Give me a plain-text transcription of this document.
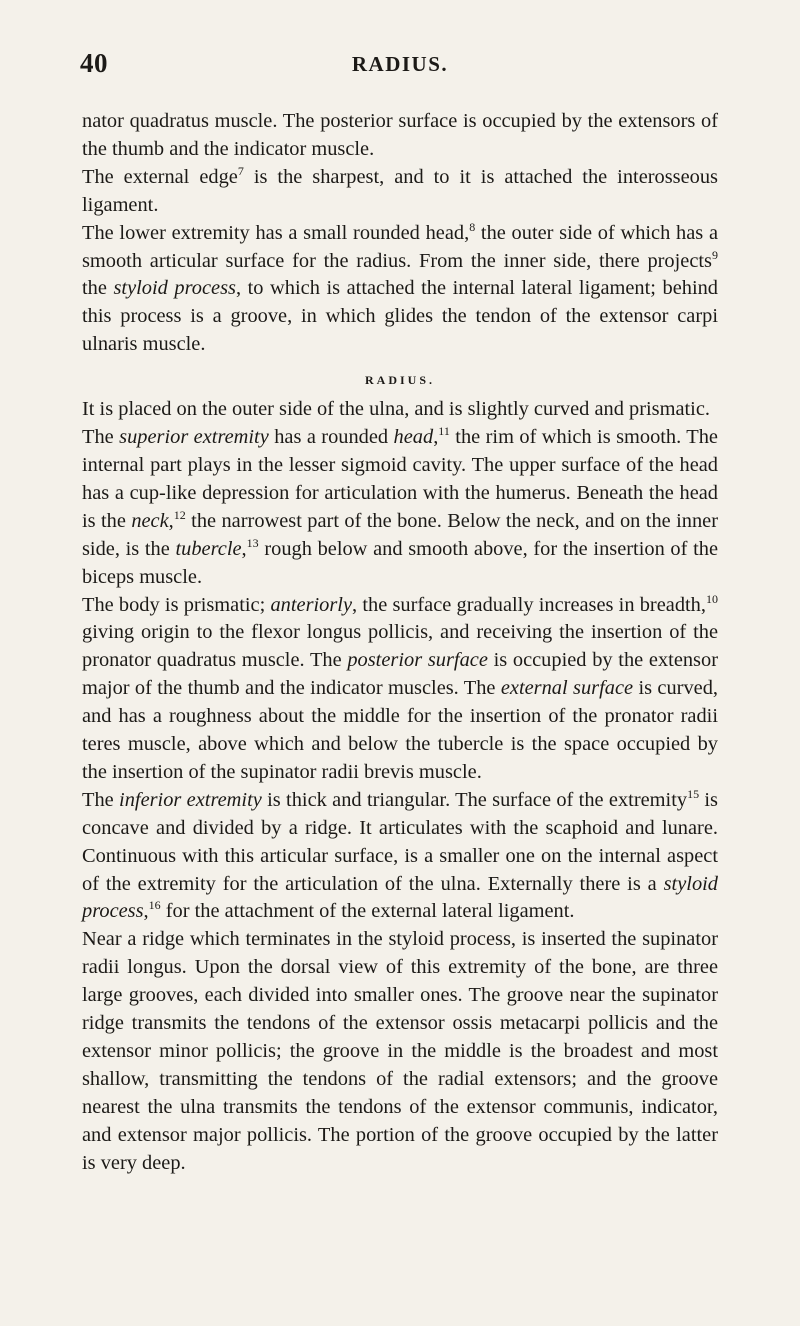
40	RADIUS.

nator quadratus muscle. The posterior surface is occupied by the extensors of the thumb and the indicator muscle.

The external edge$^7$ is the sharpest, and to it is attached the interosseous ligament.

The lower extremity has a small rounded head,$^8$ the outer side of which has a smooth articular surface for the radius. From the inner side, there projects$^9$ the styloid process, to which is attached the internal lateral ligament; behind this process is a groove, in which glides the tendon of the extensor carpi ulnaris muscle.

RADIUS.

It is placed on the outer side of the ulna, and is slightly curved and prismatic.

The superior extremity has a rounded head,$^{11}$ the rim of which is smooth. The internal part plays in the lesser sigmoid cavity. The upper surface of the head has a cup-like depression for articulation with the humerus. Beneath the head is the neck,$^{12}$ the narrowest part of the bone. Below the neck, and on the inner side, is the tubercle,$^{13}$ rough below and smooth above, for the insertion of the biceps muscle.

The body is prismatic; anteriorly, the surface gradually increases in breadth,$^{10}$ giving origin to the flexor longus pollicis, and receiving the insertion of the pronator quadratus muscle. The posterior surface is occupied by the extensor major of the thumb and the indicator muscles. The external surface is curved, and has a roughness about the middle for the insertion of the pronator radii teres muscle, above which and below the tubercle is the space occupied by the insertion of the supinator radii brevis muscle.

The inferior extremity is thick and triangular. The surface of the extremity$^{15}$ is concave and divided by a ridge. It articulates with the scaphoid and lunare. Continuous with this articular surface, is a smaller one on the internal aspect of the extremity for the articulation of the ulna. Externally there is a styloid process,$^{16}$ for the attachment of the external lateral ligament.

Near a ridge which terminates in the styloid process, is inserted the supinator radii longus. Upon the dorsal view of this extremity of the bone, are three large grooves, each divided into smaller ones. The groove near the supinator ridge transmits the tendons of the extensor ossis metacarpi pollicis and the extensor minor pollicis; the groove in the middle is the broadest and most shallow, transmitting the tendons of the radial extensors; and the groove nearest the ulna transmits the tendons of the extensor communis, indicator, and extensor major pollicis. The portion of the groove occupied by the latter is very deep.
